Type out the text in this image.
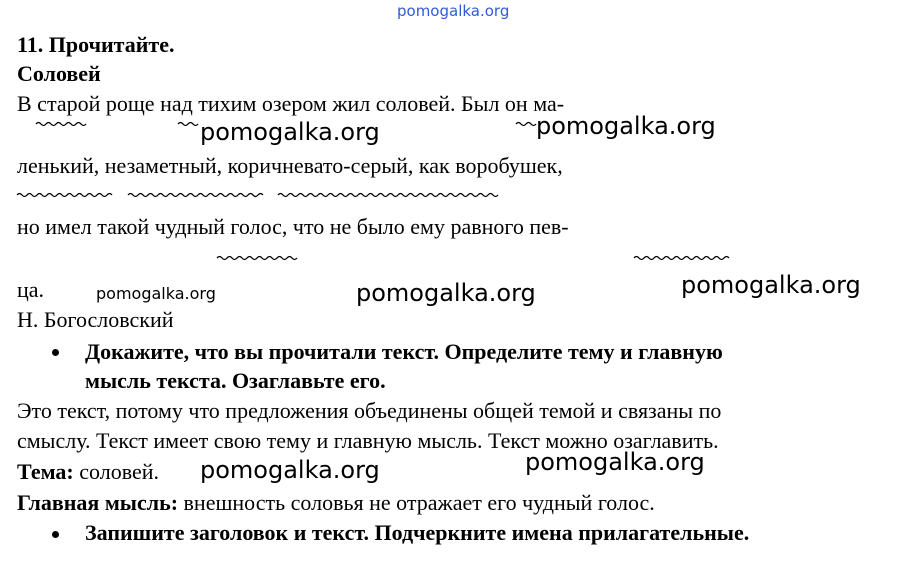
pomogalka.org
11. Прочитайте.
Соловей
В старой роще над тихим озером жил соловей. Был он ма-
ленький, незаметный, коричневато-серый, как воробушек,
но имел такой чудный голос, что не было ему равного пев-
ца.
Н. Богословский
Докажите, что вы прочитали текст. Определите тему и главную
мысль текста. Озаглавьте его.
Это текст, потому что предложения объединены общей темой и связаны по
смыслу. Текст имеет свою тему и главную мысль. Текст можно озаглавить.
Тема: соловей.
Главная мысль: внешность соловья не отражает его чудный голос.
Запишите заголовок и текст. Подчеркните имена прилагательные.
pomogalka.org	pomogalka.org
pomogalka.org	pomogalka.org	pomogalka.org
pomogalka.org	pomogalka.org
